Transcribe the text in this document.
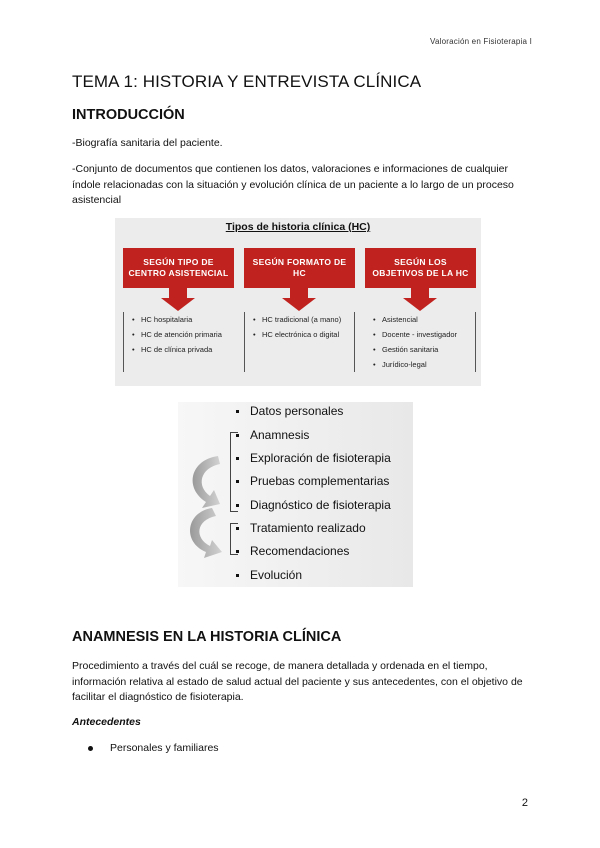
Valoración en Fisioterapia I
TEMA 1: HISTORIA Y ENTREVISTA CLÍNICA
INTRODUCCIÓN

-Biografía sanitaria del paciente.

-Conjunto de documentos que contienen los datos, valoraciones e informaciones de cualquier índole relacionadas con la situación y evolución clínica de un paciente a lo largo de un proceso asistencial

Tipos de historia clínica (HC)
SEGÚN TIPO DE CENTRO ASISTENCIAL
• HC hospitalaria
• HC de atención primaria
• HC de clínica privada
SEGÚN FORMATO DE HC
• HC tradicional (a mano)
• HC electrónica o digital
SEGÚN LOS OBJETIVOS DE LA HC
• Asistencial
• Docente - investigador
• Gestión sanitaria
• Jurídico-legal
Datos personales
Anamnesis
Exploración de fisioterapia
Pruebas complementarias
Diagnóstico de fisioterapia
Tratamiento realizado
Recomendaciones
Evolución
ANAMNESIS EN LA HISTORIA CLÍNICA

Procedimiento a través del cuál se recoge, de manera detallada y ordenada en el tiempo, información relativa al estado de salud actual del paciente y sus antecedentes, con el objetivo de facilitar el diagnóstico de fisioterapia.

Antecedentes
Personales y familiares
2
